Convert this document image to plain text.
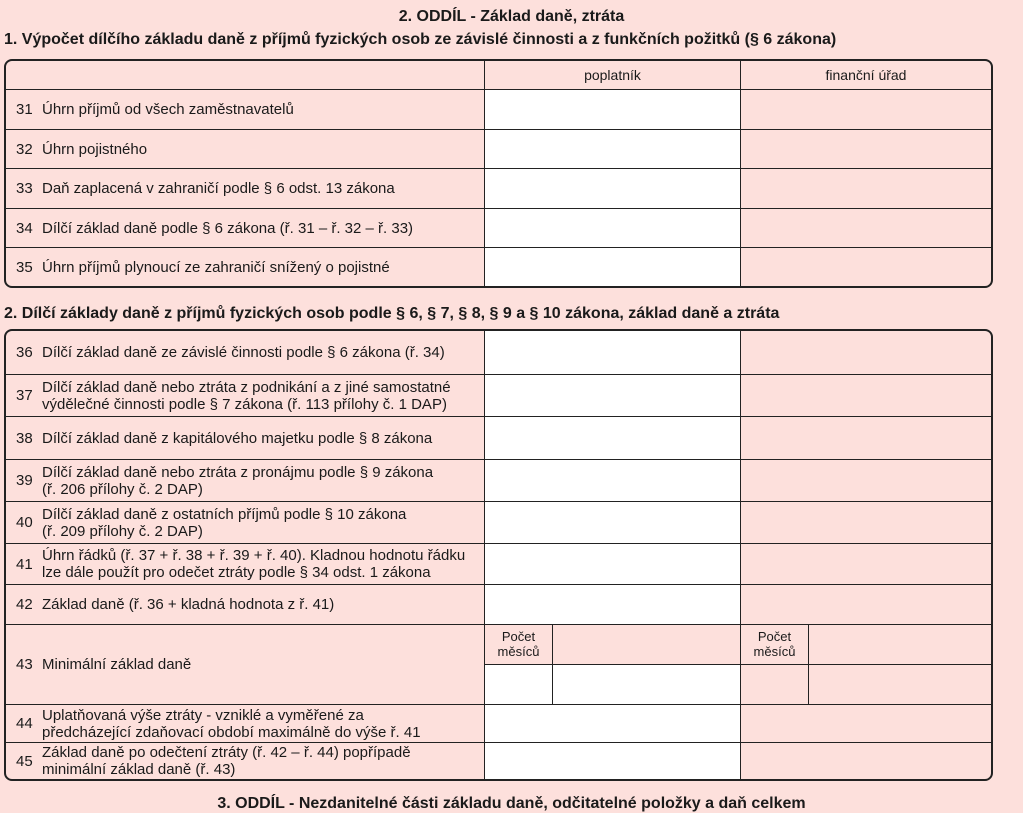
2. ODDÍL - Základ daně, ztráta
1. Výpočet dílčího základu daně z příjmů fyzických osob ze závislé činnosti a z funkčních požitků (§ 6 zákona)
poplatník	finanční úřad
31 Úhrn příjmů od všech zaměstnavatelů
32 Úhrn pojistného
33 Daň zaplacená v zahraničí podle § 6 odst. 13 zákona
34 Dílčí základ daně podle § 6 zákona (ř. 31 – ř. 32 – ř. 33)
35 Úhrn příjmů plynoucí ze zahraničí snížený o pojistné
2. Dílčí základy daně z příjmů fyzických osob podle § 6, § 7, § 8, § 9 a § 10 zákona, základ daně a ztráta
36 Dílčí základ daně ze závislé činnosti podle § 6 zákona (ř. 34)
37 Dílčí základ daně nebo ztráta z podnikání a z jiné samostatné
výdělečné činnosti podle § 7 zákona (ř. 113 přílohy č. 1 DAP)
38 Dílčí základ daně z kapitálového majetku podle § 8 zákona
39 Dílčí základ daně nebo ztráta z pronájmu podle § 9 zákona
(ř. 206 přílohy č. 2 DAP)
40 Dílčí základ daně z ostatních příjmů podle § 10 zákona
(ř. 209 přílohy č. 2 DAP)
41 Úhrn řádků (ř. 37 + ř. 38 + ř. 39 + ř. 40). Kladnou hodnotu řádku
lze dále použít pro odečet ztráty podle § 34 odst. 1 zákona
42 Základ daně (ř. 36 + kladná hodnota z ř. 41)
43 Minimální základ daně
Počet
měsíců
Počet
měsíců
44 Uplatňovaná výše ztráty - vzniklé a vyměřené za
předcházející zdaňovací období maximálně do výše ř. 41
45 Základ daně po odečtení ztráty (ř. 42 – ř. 44) popřípadě
minimální základ daně (ř. 43)
3. ODDÍL - Nezdanitelné části základu daně, odčitatelné položky a daň celkem
